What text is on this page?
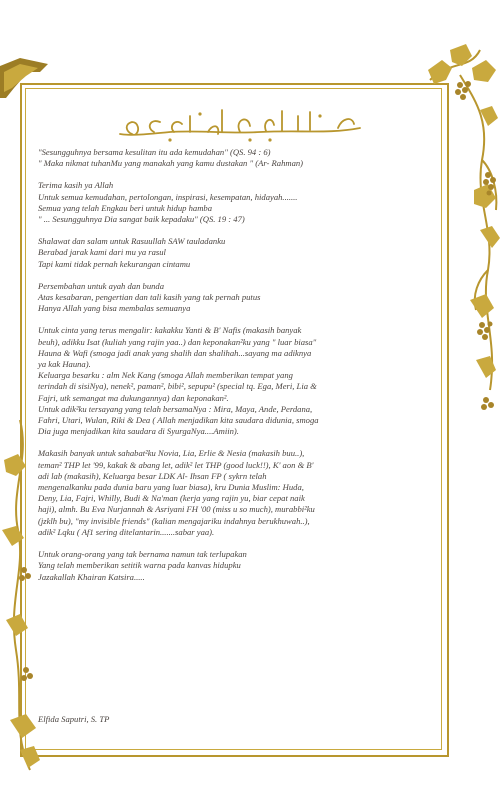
"Sesungguhnya bersama kesulitan itu ada kemudahan" (QS. 94 : 6)
" Maka nikmat tuhanMu yang manakah yang kamu dustakan " (Ar- Rahman)

Terima kasih ya Allah
Untuk semua kemudahan, pertolongan, inspirasi, kesempatan, hidayah.......
Semua yang telah Engkau beri untuk hidup hamba
" ... Sesungguhnya Dia sangat baik kepadaku" (QS. 19 : 47)

Shalawat dan salam untuk Rasuullah SAW tauladanku
Berabad jarak kami dari mu ya rasul
Tapi kami tidak pernah kekurangan cintamu

Persembahan untuk ayah dan bunda
Atas kesabaran, pengertian dan tali kasih yang tak pernah putus
Hanya Allah yang bisa membalas semuanya

Untuk cinta yang terus mengalir: kakakku Yanti & B' Nafis (makasih banyak
beuh), adikku Isat (kuliah yang rajin yaa..) dan keponakan²ku yang " luar biasa"
Hauna & Wafi (smoga jadi anak yang shalih dan shalihah...sayang ma adiknya
ya kak Hauna).
Keluarga besarku : alm Nek Kang (smoga Allah memberikan tempat yang
terindah di sisiNya), nenek², paman², bibi², sepupu² (special tq. Ega, Meri, Lia &
Fajri, utk semangat ma dukungannya) dan keponakan².
Untuk adik²ku tersayang yang telah bersamaNya : Mira, Maya, Ande, Perdana,
Fahri, Utari, Wulan, Riki & Dea ( Allah menjadikan kita saudara didunia, smoga
Dia juga menjadikan kita saudara di SyurgaNya....Amiin).

Makasih banyak untuk sahabat²ku Novia, Lia, Erlie & Nesia (makasih buu..),
teman² THP let '99, kakak & abang let, adik² let THP (good luck!!), K' aon & B'
adi lab (makasih), Keluarga besar LDK Al- Ihsan FP ( sykrn telah
mengenalkanku pada dunia baru yang luar biasa), kru Dunia Muslim: Huda,
Deny, Lia, Fajri, Whilly, Budi & Na'man (kerja yang rajin yu, biar cepat naik
haji), almh. Bu Eva Nurjannah & Asriyani FH '00 (miss u so much), murabbi²ku
(jzklh bu), "my invisible friends" (kalian mengajariku indahnya berukhuwah..),
adik² Lqku ( Af1 sering ditelantarin.......sabar yaa).

Untuk orang-orang yang tak bernama namun tak terlupakan
Yang telah memberikan setitik warna pada kanvas hidupku
Jazakallah Khairan Katsira.....

Elfida Saputri, S. TP
